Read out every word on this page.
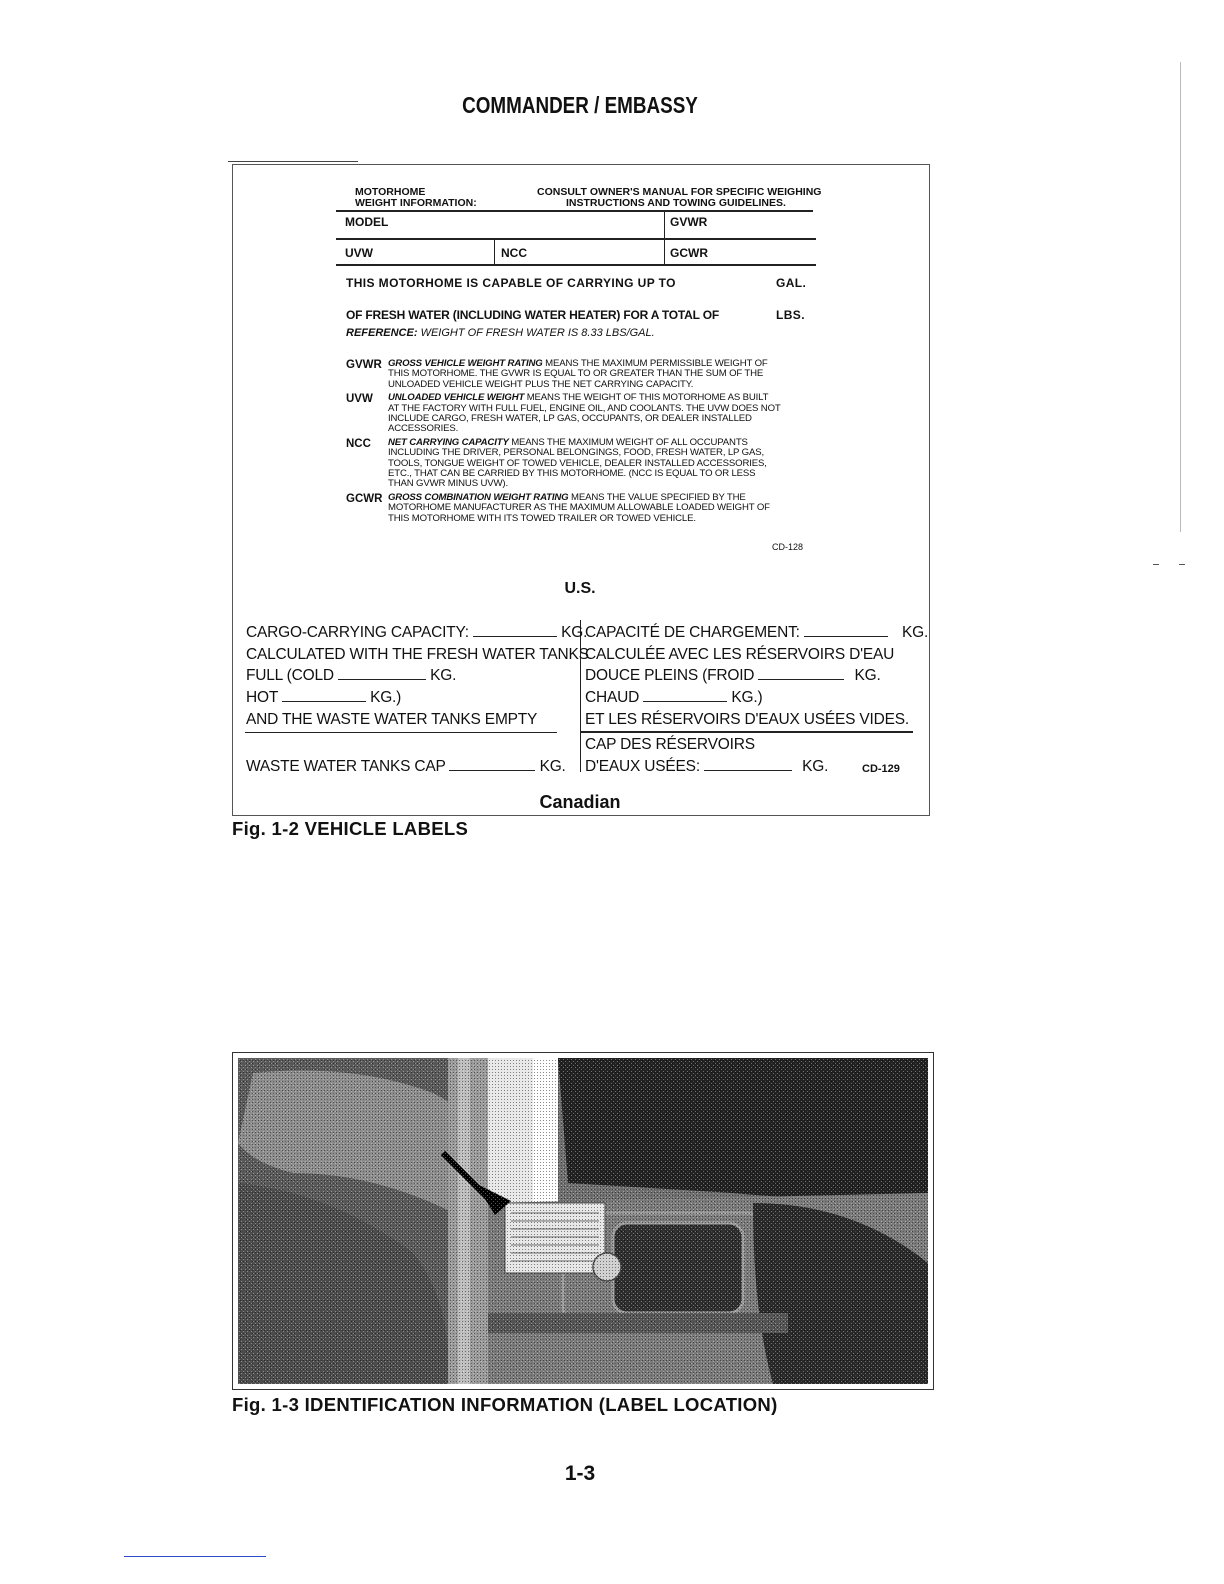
COMMANDER / EMBASSY
MOTORHOME
WEIGHT INFORMATION:
CONSULT OWNER'S MANUAL FOR SPECIFIC WEIGHING
INSTRUCTIONS AND TOWING GUIDELINES.
MODEL	GVWR
UVW	NCC	GCWR
THIS MOTORHOME IS CAPABLE OF CARRYING UP TO	GAL.
OF FRESH WATER (INCLUDING WATER HEATER) FOR A TOTAL OF	LBS.
REFERENCE: WEIGHT OF FRESH WATER IS 8.33 LBS/GAL.
GVWR GROSS VEHICLE WEIGHT RATING MEANS THE MAXIMUM PERMISSIBLE WEIGHT OF
THIS MOTORHOME. THE GVWR IS EQUAL TO OR GREATER THAN THE SUM OF THE
UNLOADED VEHICLE WEIGHT PLUS THE NET CARRYING CAPACITY.
UVW	UNLOADED VEHICLE WEIGHT MEANS THE WEIGHT OF THIS MOTORHOME AS BUILT
AT THE FACTORY WITH FULL FUEL, ENGINE OIL, AND COOLANTS. THE UVW DOES NOT
INCLUDE CARGO, FRESH WATER, LP GAS, OCCUPANTS, OR DEALER INSTALLED
ACCESSORIES.
NCC	NET CARRYING CAPACITY MEANS THE MAXIMUM WEIGHT OF ALL OCCUPANTS
INCLUDING THE DRIVER, PERSONAL BELONGINGS, FOOD, FRESH WATER, LP GAS,
TOOLS, TONGUE WEIGHT OF TOWED VEHICLE, DEALER INSTALLED ACCESSORIES,
ETC., THAT CAN BE CARRIED BY THIS MOTORHOME. (NCC IS EQUAL TO OR LESS
THAN GVWR MINUS UVW).
GCWR GROSS COMBINATION WEIGHT RATING MEANS THE VALUE SPECIFIED BY THE
MOTORHOME MANUFACTURER AS THE MAXIMUM ALLOWABLE LOADED WEIGHT OF
THIS MOTORHOME WITH ITS TOWED TRAILER OR TOWED VEHICLE.
CD-128
U.S.
CARGO-CARRYING CAPACITY:	KG.
CALCULATED WITH THE FRESH WATER TANKS
FULL (COLD	KG.
HOT	KG.)
AND THE WASTE WATER TANKS EMPTY
WASTE WATER TANKS CAP	KG.
CAPACITÉ DE CHARGEMENT:	KG.
CALCULÉE AVEC LES RÉSERVOIRS D'EAU
DOUCE PLEINS (FROID	KG.
CHAUD	KG.)
ET LES RÉSERVOIRS D'EAUX USÉES VIDES.
CAP DES RÉSERVOIRS
D'EAUX USÉES:	KG.	CD-129
Canadian
Fig. 1-2 VEHICLE LABELS
Fig. 1-3 IDENTIFICATION INFORMATION (LABEL LOCATION)
1-3
